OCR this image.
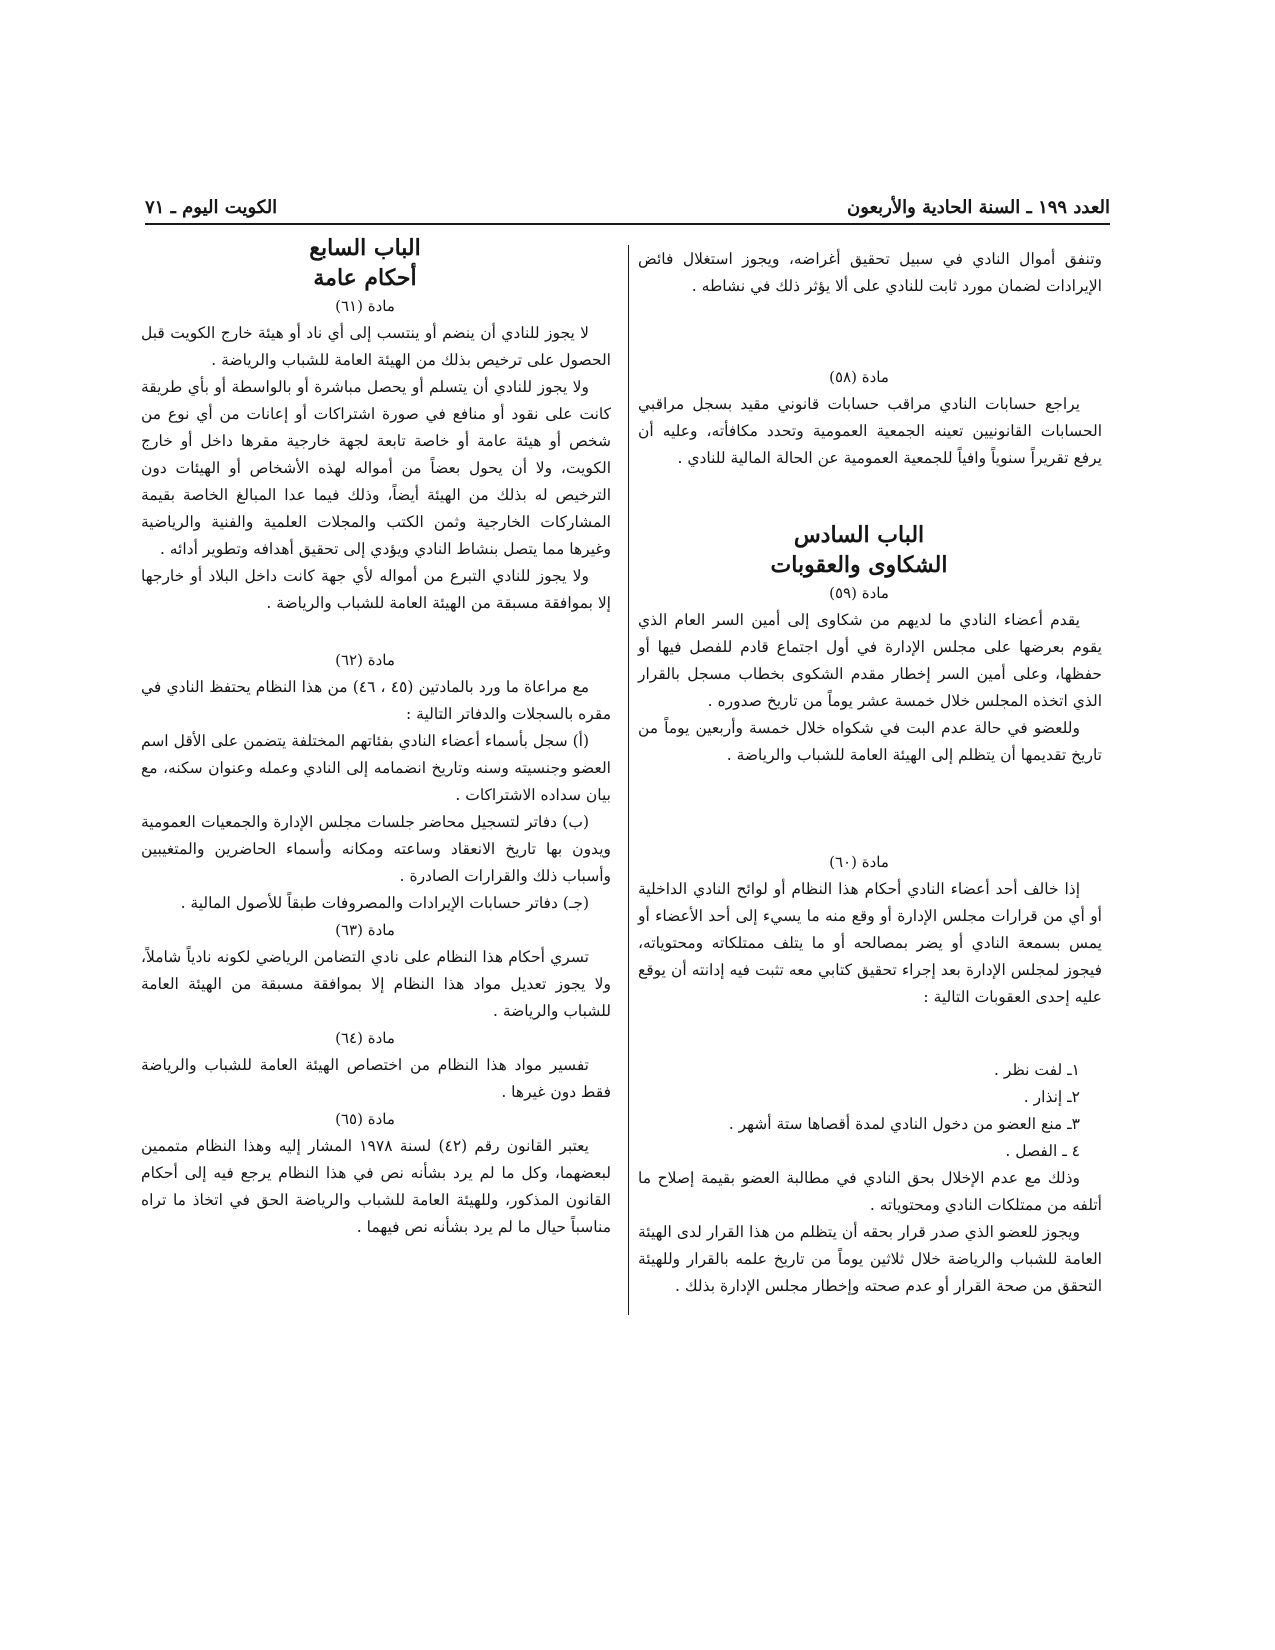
العدد ١٩٩ ـ السنة الحادية والأربعون
الكويت اليوم ـ ٧١

وتنفق أموال النادي في سبيل تحقيق أغراضه، ويجوز استغلال فائض الإيرادات لضمان مورد ثابت للنادي على ألا يؤثر ذلك في نشاطه .

مادة (٥٨)

يراجع حسابات النادي مراقب حسابات قانوني مقيد بسجل مراقبي الحسابات القانونيين تعينه الجمعية العمومية وتحدد مكافأته، وعليه أن يرفع تقريراً سنوياً وافياً للجمعية العمومية عن الحالة المالية للنادي .

الباب السادس

الشكاوى والعقوبات

مادة (٥٩)

يقدم أعضاء النادي ما لديهم من شكاوى إلى أمين السر العام الذي يقوم بعرضها على مجلس الإدارة في أول اجتماع قادم للفصل فيها أو حفظها، وعلى أمين السر إخطار مقدم الشكوى بخطاب مسجل بالقرار الذي اتخذه المجلس خلال خمسة عشر يوماً من تاريخ صدوره .

وللعضو في حالة عدم البت في شكواه خلال خمسة وأربعين يوماً من تاريخ تقديمها أن يتظلم إلى الهيئة العامة للشباب والرياضة .

مادة (٦٠)

إذا خالف أحد أعضاء النادي أحكام هذا النظام أو لوائح النادي الداخلية أو أي من قرارات مجلس الإدارة أو وقع منه ما يسيء إلى أحد الأعضاء أو يمس بسمعة النادي أو يضر بمصالحه أو ما يتلف ممتلكاته ومحتوياته، فيجوز لمجلس الإدارة بعد إجراء تحقيق كتابي معه تثبت فيه إدانته أن يوقع عليه إحدى العقوبات التالية :

١ـ لفت نظر .
٢ـ إنذار .
٣ـ منع العضو من دخول النادي لمدة أقصاها ستة أشهر .
٤ ـ الفصل .

وذلك مع عدم الإخلال بحق النادي في مطالبة العضو بقيمة إصلاح ما أتلفه من ممتلكات النادي ومحتوياته .

ويجوز للعضو الذي صدر قرار بحقه أن يتظلم من هذا القرار لدى الهيئة العامة للشباب والرياضة خلال ثلاثين يوماً من تاريخ علمه بالقرار وللهيئة التحقق من صحة القرار أو عدم صحته وإخطار مجلس الإدارة بذلك .

الباب السابع

أحكام عامة

مادة (٦١)

لا يجوز للنادي أن ينضم أو ينتسب إلى أي ناد أو هيئة خارج الكويت قبل الحصول على ترخيص بذلك من الهيئة العامة للشباب والرياضة .

ولا يجوز للنادي أن يتسلم أو يحصل مباشرة أو بالواسطة أو بأي طريقة كانت على نقود أو منافع في صورة اشتراكات أو إعانات من أي نوع من شخص أو هيئة عامة أو خاصة تابعة لجهة خارجية مقرها داخل أو خارج الكويت، ولا أن يحول بعضاً من أمواله لهذه الأشخاص أو الهيئات دون الترخيص له بذلك من الهيئة أيضاً، وذلك فيما عدا المبالغ الخاصة بقيمة المشاركات الخارجية وثمن الكتب والمجلات العلمية والفنية والرياضية وغيرها مما يتصل بنشاط النادي ويؤدي إلى تحقيق أهدافه وتطوير أدائه .

ولا يجوز للنادي التبرع من أمواله لأي جهة كانت داخل البلاد أو خارجها إلا بموافقة مسبقة من الهيئة العامة للشباب والرياضة .

مادة (٦٢)

مع مراعاة ما ورد بالمادتين (٤٥ ، ٤٦) من هذا النظام يحتفظ النادي في مقره بالسجلات والدفاتر التالية :

(أ) سجل بأسماء أعضاء النادي بفئاتهم المختلفة يتضمن على الأقل اسم العضو وجنسيته وسنه وتاريخ انضمامه إلى النادي وعمله وعنوان سكنه، مع بيان سداده الاشتراكات .

(ب) دفاتر لتسجيل محاضر جلسات مجلس الإدارة والجمعيات العمومية ويدون بها تاريخ الانعقاد وساعته ومكانه وأسماء الحاضرين والمتغيبين وأسباب ذلك والقرارات الصادرة .

(جـ) دفاتر حسابات الإيرادات والمصروفات طبقاً للأصول المالية .

مادة (٦٣)

تسري أحكام هذا النظام على نادي التضامن الرياضي لكونه نادياً شاملاً، ولا يجوز تعديل مواد هذا النظام إلا بموافقة مسبقة من الهيئة العامة للشباب والرياضة .

مادة (٦٤)

تفسير مواد هذا النظام من اختصاص الهيئة العامة للشباب والرياضة فقط دون غيرها .

مادة (٦٥)

يعتبر القانون رقم (٤٢) لسنة ١٩٧٨ المشار إليه وهذا النظام متممين لبعضهما، وكل ما لم يرد بشأنه نص في هذا النظام يرجع فيه إلى أحكام القانون المذكور، وللهيئة العامة للشباب والرياضة الحق في اتخاذ ما تراه مناسباً حيال ما لم يرد بشأنه نص فيهما .
